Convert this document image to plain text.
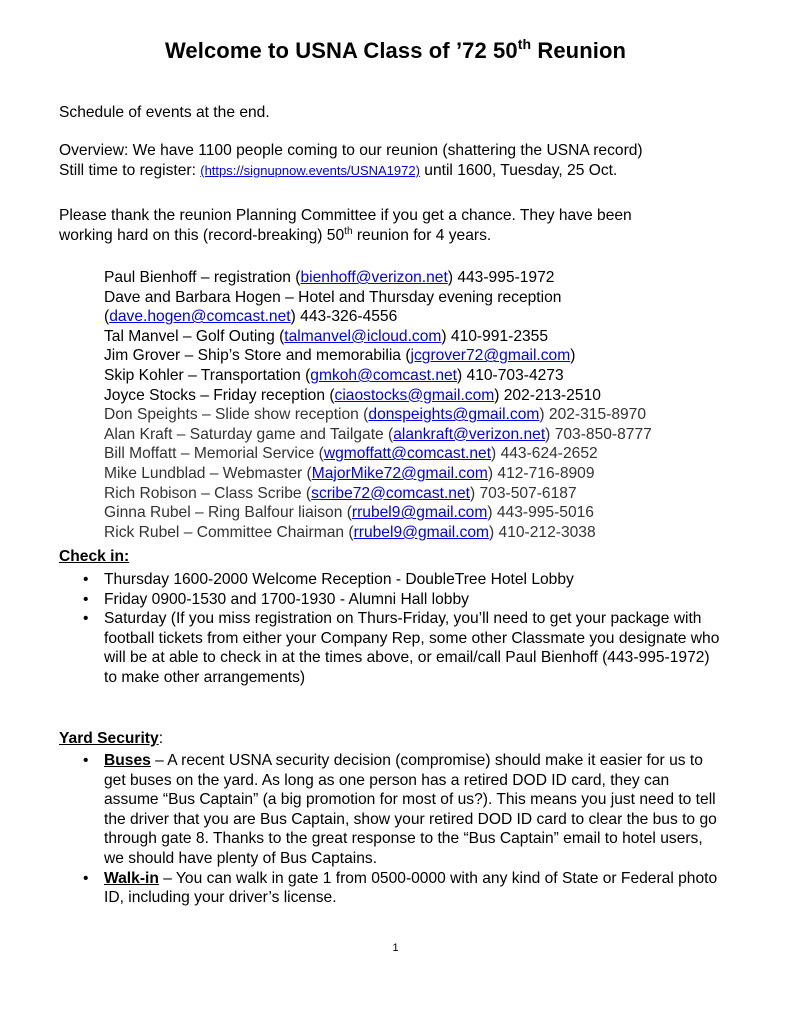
Welcome to USNA Class of ’72 50th Reunion
Schedule of events at the end.
Overview: We have 1100 people coming to our reunion (shattering the USNA record)
Still time to register: (https://signupnow.events/USNA1972) until 1600, Tuesday, 25 Oct.
Please thank the reunion Planning Committee if you get a chance. They have been
working hard on this (record-breaking) 50th reunion for 4 years.
Paul Bienhoff – registration (bienhoff@verizon.net) 443-995-1972
Dave and Barbara Hogen – Hotel and Thursday evening reception
(dave.hogen@comcast.net) 443-326-4556
Tal Manvel – Golf Outing (talmanvel@icloud.com) 410-991-2355
Jim Grover – Ship’s Store and memorabilia (jcgrover72@gmail.com)
Skip Kohler – Transportation (gmkoh@comcast.net) 410-703-4273
Joyce Stocks – Friday reception (ciaostocks@gmail.com) 202-213-2510
Don Speights – Slide show reception (donspeights@gmail.com) 202-315-8970
Alan Kraft – Saturday game and Tailgate (alankraft@verizon.net) 703-850-8777
Bill Moffatt – Memorial Service (wgmoffatt@comcast.net) 443-624-2652
Mike Lundblad – Webmaster (MajorMike72@gmail.com) 412-716-8909
Rich Robison – Class Scribe (scribe72@comcast.net) 703-507-6187
Ginna Rubel – Ring Balfour liaison (rrubel9@gmail.com) 443-995-5016
Rick Rubel – Committee Chairman (rrubel9@gmail.com) 410-212-3038
Check in:
• Thursday 1600-2000 Welcome Reception - DoubleTree Hotel Lobby
• Friday 0900-1530 and 1700-1930 - Alumni Hall lobby
• Saturday (If you miss registration on Thurs-Friday, you’ll need to get your package with football tickets from either your Company Rep, some other Classmate you designate who will be at able to check in at the times above, or email/call Paul Bienhoff (443-995-1972) to make other arrangements)
Yard Security:
• Buses – A recent USNA security decision (compromise) should make it easier for us to get buses on the yard. As long as one person has a retired DOD ID card, they can assume “Bus Captain” (a big promotion for most of us?). This means you just need to tell the driver that you are Bus Captain, show your retired DOD ID card to clear the bus to go through gate 8. Thanks to the great response to the “Bus Captain” email to hotel users, we should have plenty of Bus Captains.
• Walk-in – You can walk in gate 1 from 0500-0000 with any kind of State or Federal photo ID, including your driver’s license.
1
